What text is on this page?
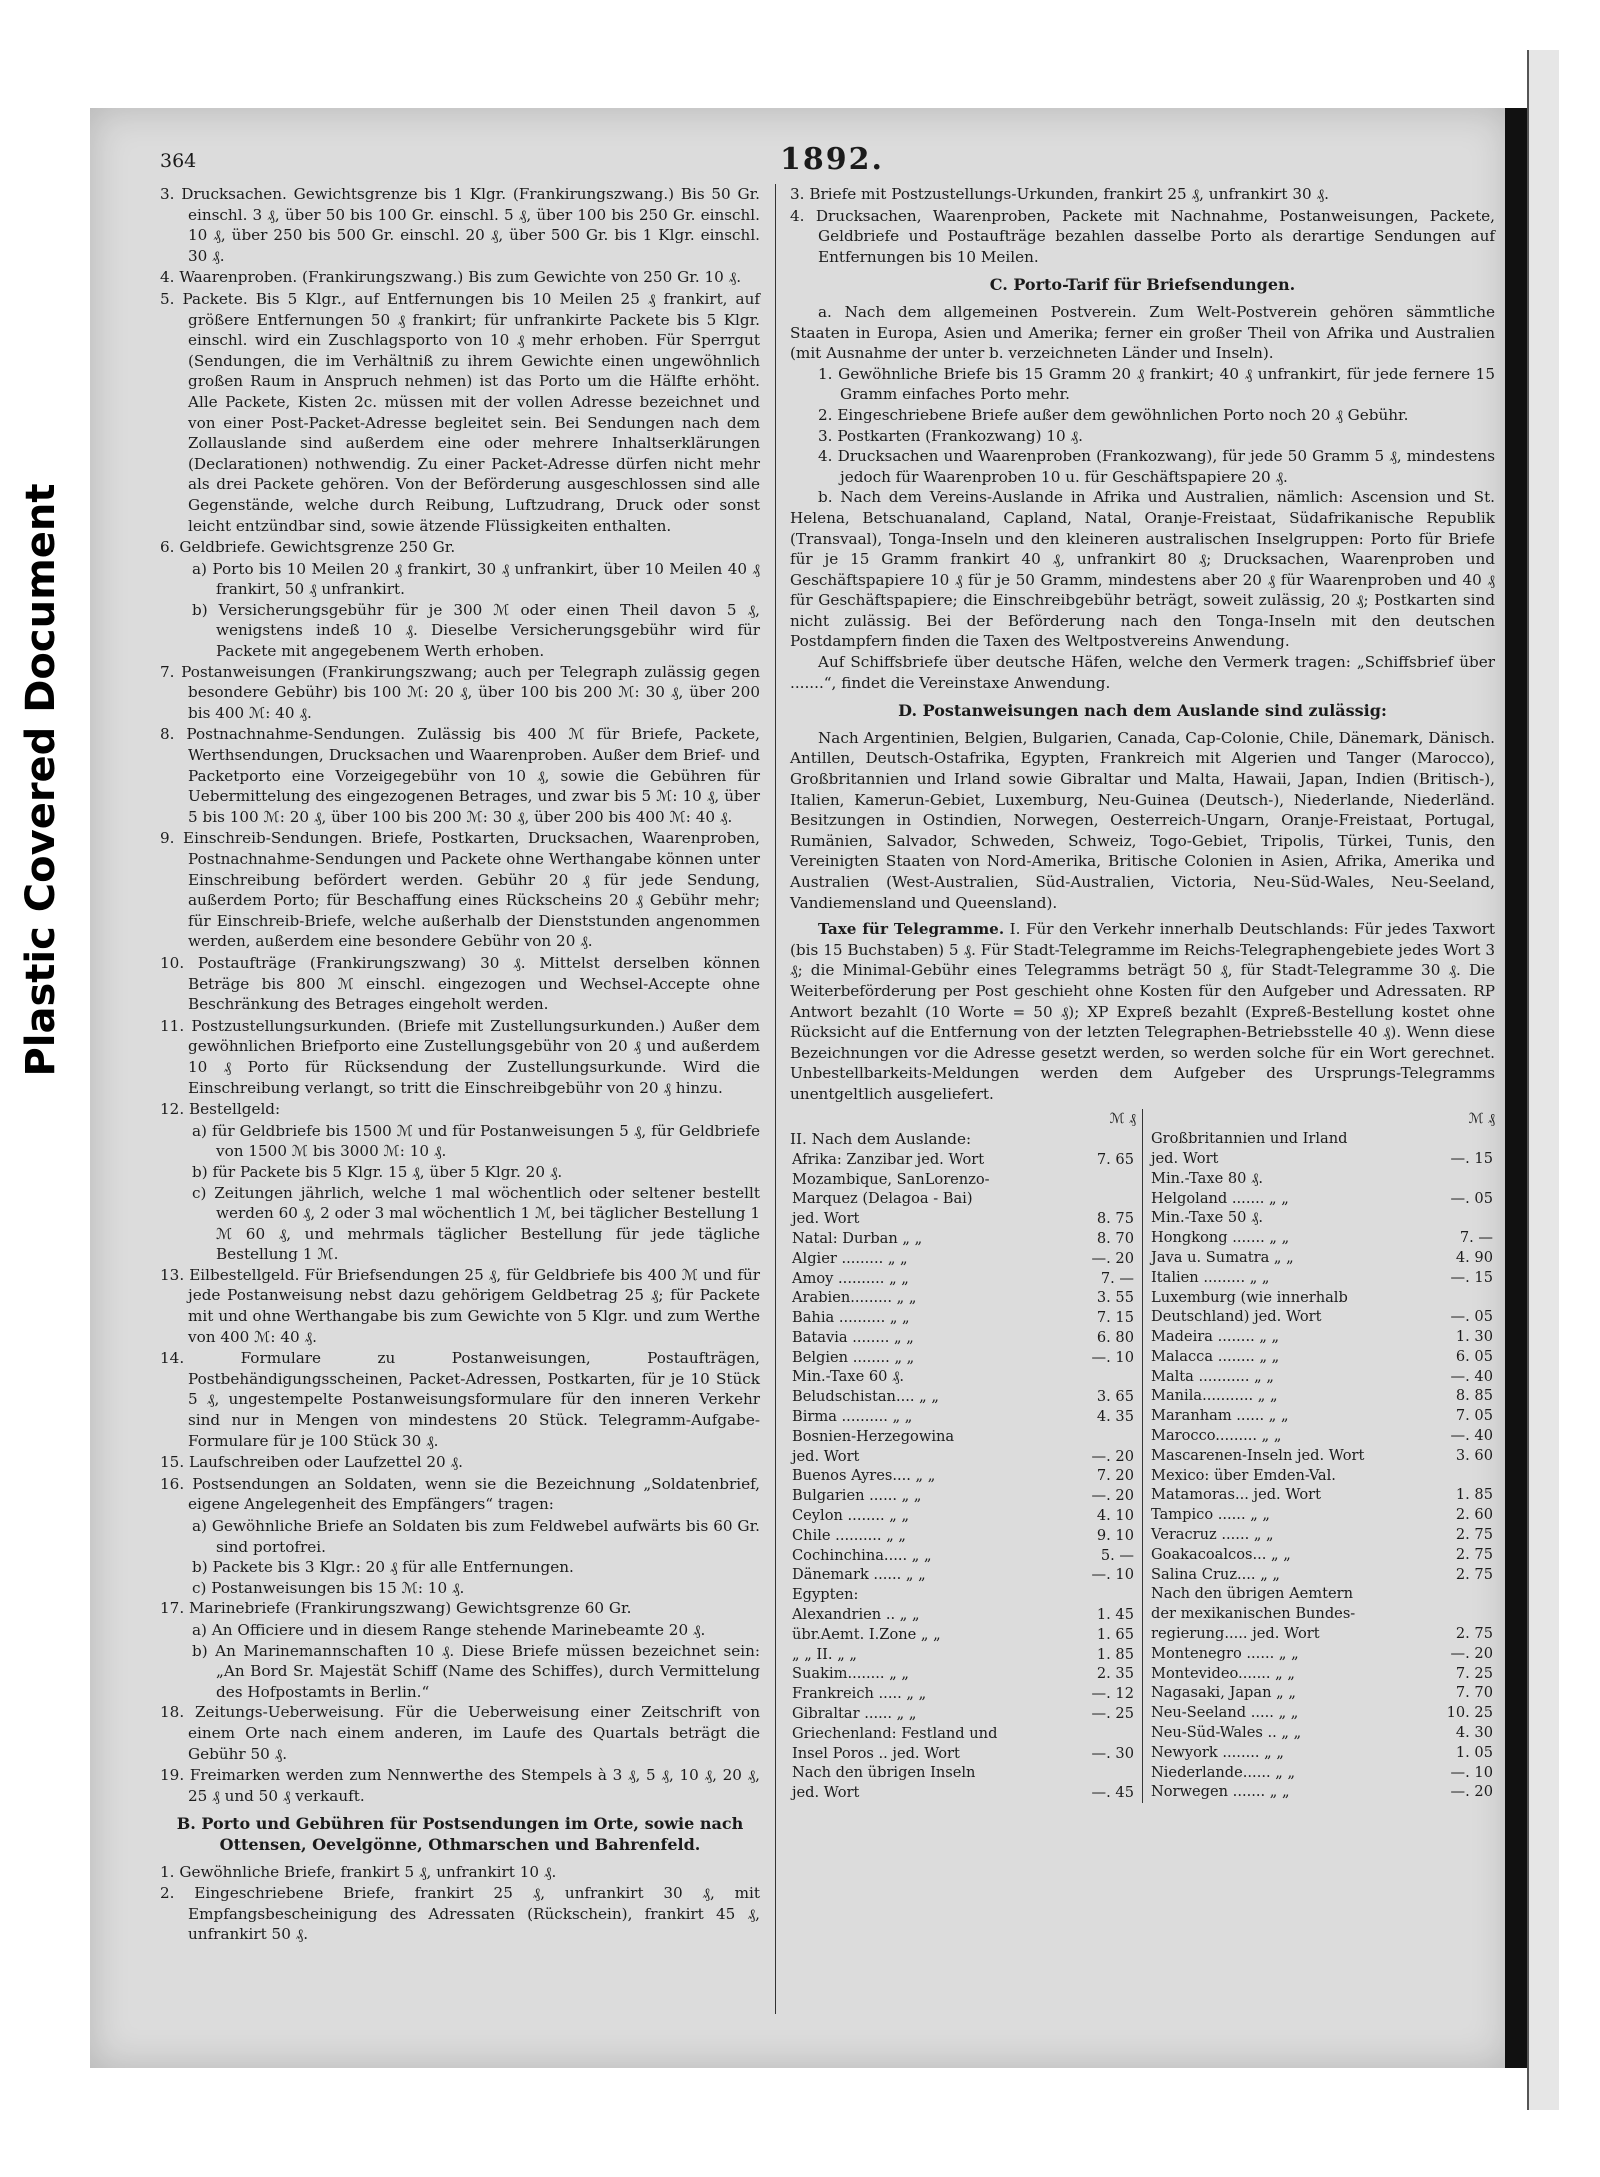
Plastic Covered Document
364	1892.

3. Drucksachen. Gewichtsgrenze bis 1 Klgr. (Frankirungszwang.) Bis 50 Gr. einschl. 3 ₰, über 50 bis 100 Gr. einschl. 5 ₰, über 100 bis 250 Gr. einschl. 10 ₰, über 250 bis 500 Gr. einschl. 20 ₰, über 500 Gr. bis 1 Klgr. einschl. 30 ₰.

4. Waarenproben. (Frankirungszwang.) Bis zum Gewichte von 250 Gr. 10 ₰.

5. Packete. Bis 5 Klgr., auf Entfernungen bis 10 Meilen 25 ₰ frankirt, auf größere Entfernungen 50 ₰ frankirt; für unfrankirte Packete bis 5 Klgr. einschl. wird ein Zuschlagsporto von 10 ₰ mehr erhoben. Für Sperrgut (Sendungen, die im Verhältniß zu ihrem Gewichte einen ungewöhnlich großen Raum in Anspruch nehmen) ist das Porto um die Hälfte erhöht. Alle Packete, Kisten 2c. müssen mit der vollen Adresse bezeichnet und von einer Post-Packet-Adresse begleitet sein. Bei Sendungen nach dem Zollauslande sind außerdem eine oder mehrere Inhaltserklärungen (Declarationen) nothwendig. Zu einer Packet-Adresse dürfen nicht mehr als drei Packete gehören. Von der Beförderung ausgeschlossen sind alle Gegenstände, welche durch Reibung, Luftzudrang, Druck oder sonst leicht entzündbar sind, sowie ätzende Flüssigkeiten enthalten.

6. Geldbriefe. Gewichtsgrenze 250 Gr.

a) Porto bis 10 Meilen 20 ₰ frankirt, 30 ₰ unfrankirt, über 10 Meilen 40 ₰ frankirt, 50 ₰ unfrankirt.

b) Versicherungsgebühr für je 300 ℳ oder einen Theil davon 5 ₰, wenigstens indeß 10 ₰. Dieselbe Versicherungsgebühr wird für Packete mit angegebenem Werth erhoben.

7. Postanweisungen (Frankirungszwang; auch per Telegraph zulässig gegen besondere Gebühr) bis 100 ℳ: 20 ₰, über 100 bis 200 ℳ: 30 ₰, über 200 bis 400 ℳ: 40 ₰.

8. Postnachnahme-Sendungen. Zulässig bis 400 ℳ für Briefe, Packete, Werthsendungen, Drucksachen und Waarenproben. Außer dem Brief- und Packetporto eine Vorzeigegebühr von 10 ₰, sowie die Gebühren für Uebermittelung des eingezogenen Betrages, und zwar bis 5 ℳ: 10 ₰, über 5 bis 100 ℳ: 20 ₰, über 100 bis 200 ℳ: 30 ₰, über 200 bis 400 ℳ: 40 ₰.

9. Einschreib-Sendungen. Briefe, Postkarten, Drucksachen, Waarenproben, Postnachnahme-Sendungen und Packete ohne Werthangabe können unter Einschreibung befördert werden. Gebühr 20 ₰ für jede Sendung, außerdem Porto; für Beschaffung eines Rückscheins 20 ₰ Gebühr mehr; für Einschreib-Briefe, welche außerhalb der Dienststunden angenommen werden, außerdem eine besondere Gebühr von 20 ₰.

10. Postaufträge (Frankirungszwang) 30 ₰. Mittelst derselben können Beträge bis 800 ℳ einschl. eingezogen und Wechsel-Accepte ohne Beschränkung des Betrages eingeholt werden.

11. Postzustellungsurkunden. (Briefe mit Zustellungsurkunden.) Außer dem gewöhnlichen Briefporto eine Zustellungsgebühr von 20 ₰ und außerdem 10 ₰ Porto für Rücksendung der Zustellungsurkunde. Wird die Einschreibung verlangt, so tritt die Einschreibgebühr von 20 ₰ hinzu.

12. Bestellgeld:

a) für Geldbriefe bis 1500 ℳ und für Postanweisungen 5 ₰, für Geldbriefe von 1500 ℳ bis 3000 ℳ: 10 ₰.

b) für Packete bis 5 Klgr. 15 ₰, über 5 Klgr. 20 ₰.

c) Zeitungen jährlich, welche 1 mal wöchentlich oder seltener bestellt werden 60 ₰, 2 oder 3 mal wöchentlich 1 ℳ, bei täglicher Bestellung 1 ℳ 60 ₰, und mehrmals täglicher Bestellung für jede tägliche Bestellung 1 ℳ.

13. Eilbestellgeld. Für Briefsendungen 25 ₰, für Geldbriefe bis 400 ℳ und für jede Postanweisung nebst dazu gehörigem Geldbetrag 25 ₰; für Packete mit und ohne Werthangabe bis zum Gewichte von 5 Klgr. und zum Werthe von 400 ℳ: 40 ₰.

14. Formulare zu Postanweisungen, Postaufträgen, Postbehändigungsscheinen, Packet-Adressen, Postkarten, für je 10 Stück 5 ₰, ungestempelte Postanweisungsformulare für den inneren Verkehr sind nur in Mengen von mindestens 20 Stück. Telegramm-Aufgabe-Formulare für je 100 Stück 30 ₰.

15. Laufschreiben oder Laufzettel 20 ₰.

16. Postsendungen an Soldaten, wenn sie die Bezeichnung „Soldatenbrief, eigene Angelegenheit des Empfängers“ tragen:

a) Gewöhnliche Briefe an Soldaten bis zum Feldwebel aufwärts bis 60 Gr. sind portofrei.

b) Packete bis 3 Klgr.: 20 ₰ für alle Entfernungen.

c) Postanweisungen bis 15 ℳ: 10 ₰.

17. Marinebriefe (Frankirungszwang) Gewichtsgrenze 60 Gr.

a) An Officiere und in diesem Range stehende Marinebeamte 20 ₰.

b) An Marinemannschaften 10 ₰. Diese Briefe müssen bezeichnet sein: „An Bord Sr. Majestät Schiff (Name des Schiffes), durch Vermittelung des Hofpostamts in Berlin.“

18. Zeitungs-Ueberweisung. Für die Ueberweisung einer Zeitschrift von einem Orte nach einem anderen, im Laufe des Quartals beträgt die Gebühr 50 ₰.

19. Freimarken werden zum Nennwerthe des Stempels à 3 ₰, 5 ₰, 10 ₰, 20 ₰, 25 ₰ und 50 ₰ verkauft.

B. Porto und Gebühren für Postsendungen im Orte, sowie nach Ottensen, Oevelgönne, Othmarschen und Bahrenfeld.

1. Gewöhnliche Briefe, frankirt 5 ₰, unfrankirt 10 ₰.

2. Eingeschriebene Briefe, frankirt 25 ₰, unfrankirt 30 ₰, mit Empfangsbescheinigung des Adressaten (Rückschein), frankirt 45 ₰, unfrankirt 50 ₰.

3. Briefe mit Postzustellungs-Urkunden, frankirt 25 ₰, unfrankirt 30 ₰.

4. Drucksachen, Waarenproben, Packete mit Nachnahme, Postanweisungen, Packete, Geldbriefe und Postaufträge bezahlen dasselbe Porto als derartige Sendungen auf Entfernungen bis 10 Meilen.

C. Porto-Tarif für Briefsendungen.

a. Nach dem allgemeinen Postverein. Zum Welt-Postverein gehören sämmtliche Staaten in Europa, Asien und Amerika; ferner ein großer Theil von Afrika und Australien (mit Ausnahme der unter b. verzeichneten Länder und Inseln).

1. Gewöhnliche Briefe bis 15 Gramm 20 ₰ frankirt; 40 ₰ unfrankirt, für jede fernere 15 Gramm einfaches Porto mehr.

2. Eingeschriebene Briefe außer dem gewöhnlichen Porto noch 20 ₰ Gebühr.

3. Postkarten (Frankozwang) 10 ₰.

4. Drucksachen und Waarenproben (Frankozwang), für jede 50 Gramm 5 ₰, mindestens jedoch für Waarenproben 10 u. für Geschäftspapiere 20 ₰.

b. Nach dem Vereins-Auslande in Afrika und Australien, nämlich: Ascension und St. Helena, Betschuanaland, Capland, Natal, Oranje-Freistaat, Südafrikanische Republik (Transvaal), Tonga-Inseln und den kleineren australischen Inselgruppen: Porto für Briefe für je 15 Gramm frankirt 40 ₰, unfrankirt 80 ₰; Drucksachen, Waarenproben und Geschäftspapiere 10 ₰ für je 50 Gramm, mindestens aber 20 ₰ für Waarenproben und 40 ₰ für Geschäftspapiere; die Einschreibgebühr beträgt, soweit zulässig, 20 ₰; Postkarten sind nicht zulässig. Bei der Beförderung nach den Tonga-Inseln mit den deutschen Postdampfern finden die Taxen des Weltpostvereins Anwendung.

Auf Schiffsbriefe über deutsche Häfen, welche den Vermerk tragen: „Schiffsbrief über .......“, findet die Vereinstaxe Anwendung.

D. Postanweisungen nach dem Auslande sind zulässig:

Nach Argentinien, Belgien, Bulgarien, Canada, Cap-Colonie, Chile, Dänemark, Dänisch. Antillen, Deutsch-Ostafrika, Egypten, Frankreich mit Algerien und Tanger (Marocco), Großbritannien und Irland sowie Gibraltar und Malta, Hawaii, Japan, Indien (Britisch-), Italien, Kamerun-Gebiet, Luxemburg, Neu-Guinea (Deutsch-), Niederlande, Niederländ. Besitzungen in Ostindien, Norwegen, Oesterreich-Ungarn, Oranje-Freistaat, Portugal, Rumänien, Salvador, Schweden, Schweiz, Togo-Gebiet, Tripolis, Türkei, Tunis, den Vereinigten Staaten von Nord-Amerika, Britische Colonien in Asien, Afrika, Amerika und Australien (West-Australien, Süd-Australien, Victoria, Neu-Süd-Wales, Neu-Seeland, Vandiemensland und Queensland).

Taxe für Telegramme. I. Für den Verkehr innerhalb Deutschlands: Für jedes Taxwort (bis 15 Buchstaben) 5 ₰. Für Stadt-Telegramme im Reichs-Telegraphengebiete jedes Wort 3 ₰; die Minimal-Gebühr eines Telegramms beträgt 50 ₰, für Stadt-Telegramme 30 ₰. Die Weiterbeförderung per Post geschieht ohne Kosten für den Aufgeber und Adressaten. RP Antwort bezahlt (10 Worte = 50 ₰); XP Expreß bezahlt (Expreß-Bestellung kostet ohne Rücksicht auf die Entfernung von der letzten Telegraphen-Betriebsstelle 40 ₰). Wenn diese Bezeichnungen vor die Adresse gesetzt werden, so werden solche für ein Wort gerechnet. Unbestellbarkeits-Meldungen werden dem Aufgeber des Ursprungs-Telegramms unentgeltlich ausgeliefert.

ℳ ₰
II. Nach dem Auslande:
Afrika: Zanzibar jed. Wort	7. 65
Mozambique, SanLorenzo-	
Marquez (Delagoa - Bai)	
jed. Wort	8. 75
Natal: Durban „ „	8. 70
Algier ......... „ „	—. 20
Amoy .......... „ „	7. —
Arabien......... „ „	3. 55
Bahia .......... „ „	7. 15
Batavia ........ „ „	6. 80
Belgien ........ „ „	—. 10
Min.-Taxe 60 ₰.	
Beludschistan.... „ „	3. 65
Birma .......... „ „	4. 35
Bosnien-Herzegowina	
jed. Wort	—. 20
Buenos Ayres.... „ „	7. 20
Bulgarien ...... „ „	—. 20
Ceylon ........ „ „	4. 10
Chile .......... „ „	9. 10
Cochinchina..... „ „	5. —
Dänemark ...... „ „	—. 10
Egypten:	
Alexandrien .. „ „	1. 45
übr.Aemt. I.Zone „ „	1. 65
„ „ II. „ „	1. 85
Suakim........ „ „	2. 35
Frankreich ..... „ „	—. 12
Gibraltar ...... „ „	—. 25
Griechenland: Festland und	
Insel Poros .. jed. Wort	—. 30
Nach den übrigen Inseln	
jed. Wort	—. 45
ℳ ₰
Großbritannien und Irland	
jed. Wort	—. 15
Min.-Taxe 80 ₰.	
Helgoland ....... „ „	—. 05
Min.-Taxe 50 ₰.	
Hongkong ....... „ „	7. —
Java u. Sumatra „ „	4. 90
Italien ......... „ „	—. 15
Luxemburg (wie innerhalb	
Deutschland) jed. Wort	—. 05
Madeira ........ „ „	1. 30
Malacca ........ „ „	6. 05
Malta ........... „ „	—. 40
Manila........... „ „	8. 85
Maranham ...... „ „	7. 05
Marocco......... „ „	—. 40
Mascarenen-Inseln jed. Wort	3. 60
Mexico: über Emden-Val.	
Matamoras... jed. Wort	1. 85
Tampico ...... „ „	2. 60
Veracruz ...... „ „	2. 75
Goakacoalcos... „ „	2. 75
Salina Cruz.... „ „	2. 75
Nach den übrigen Aemtern	
der mexikanischen Bundes-	
regierung..... jed. Wort	2. 75
Montenegro ...... „ „	—. 20
Montevideo....... „ „	7. 25
Nagasaki, Japan „ „	7. 70
Neu-Seeland ..... „ „	10. 25
Neu-Süd-Wales .. „ „	4. 30
Newyork ........ „ „	1. 05
Niederlande...... „ „	—. 10
Norwegen ....... „ „	—. 20
